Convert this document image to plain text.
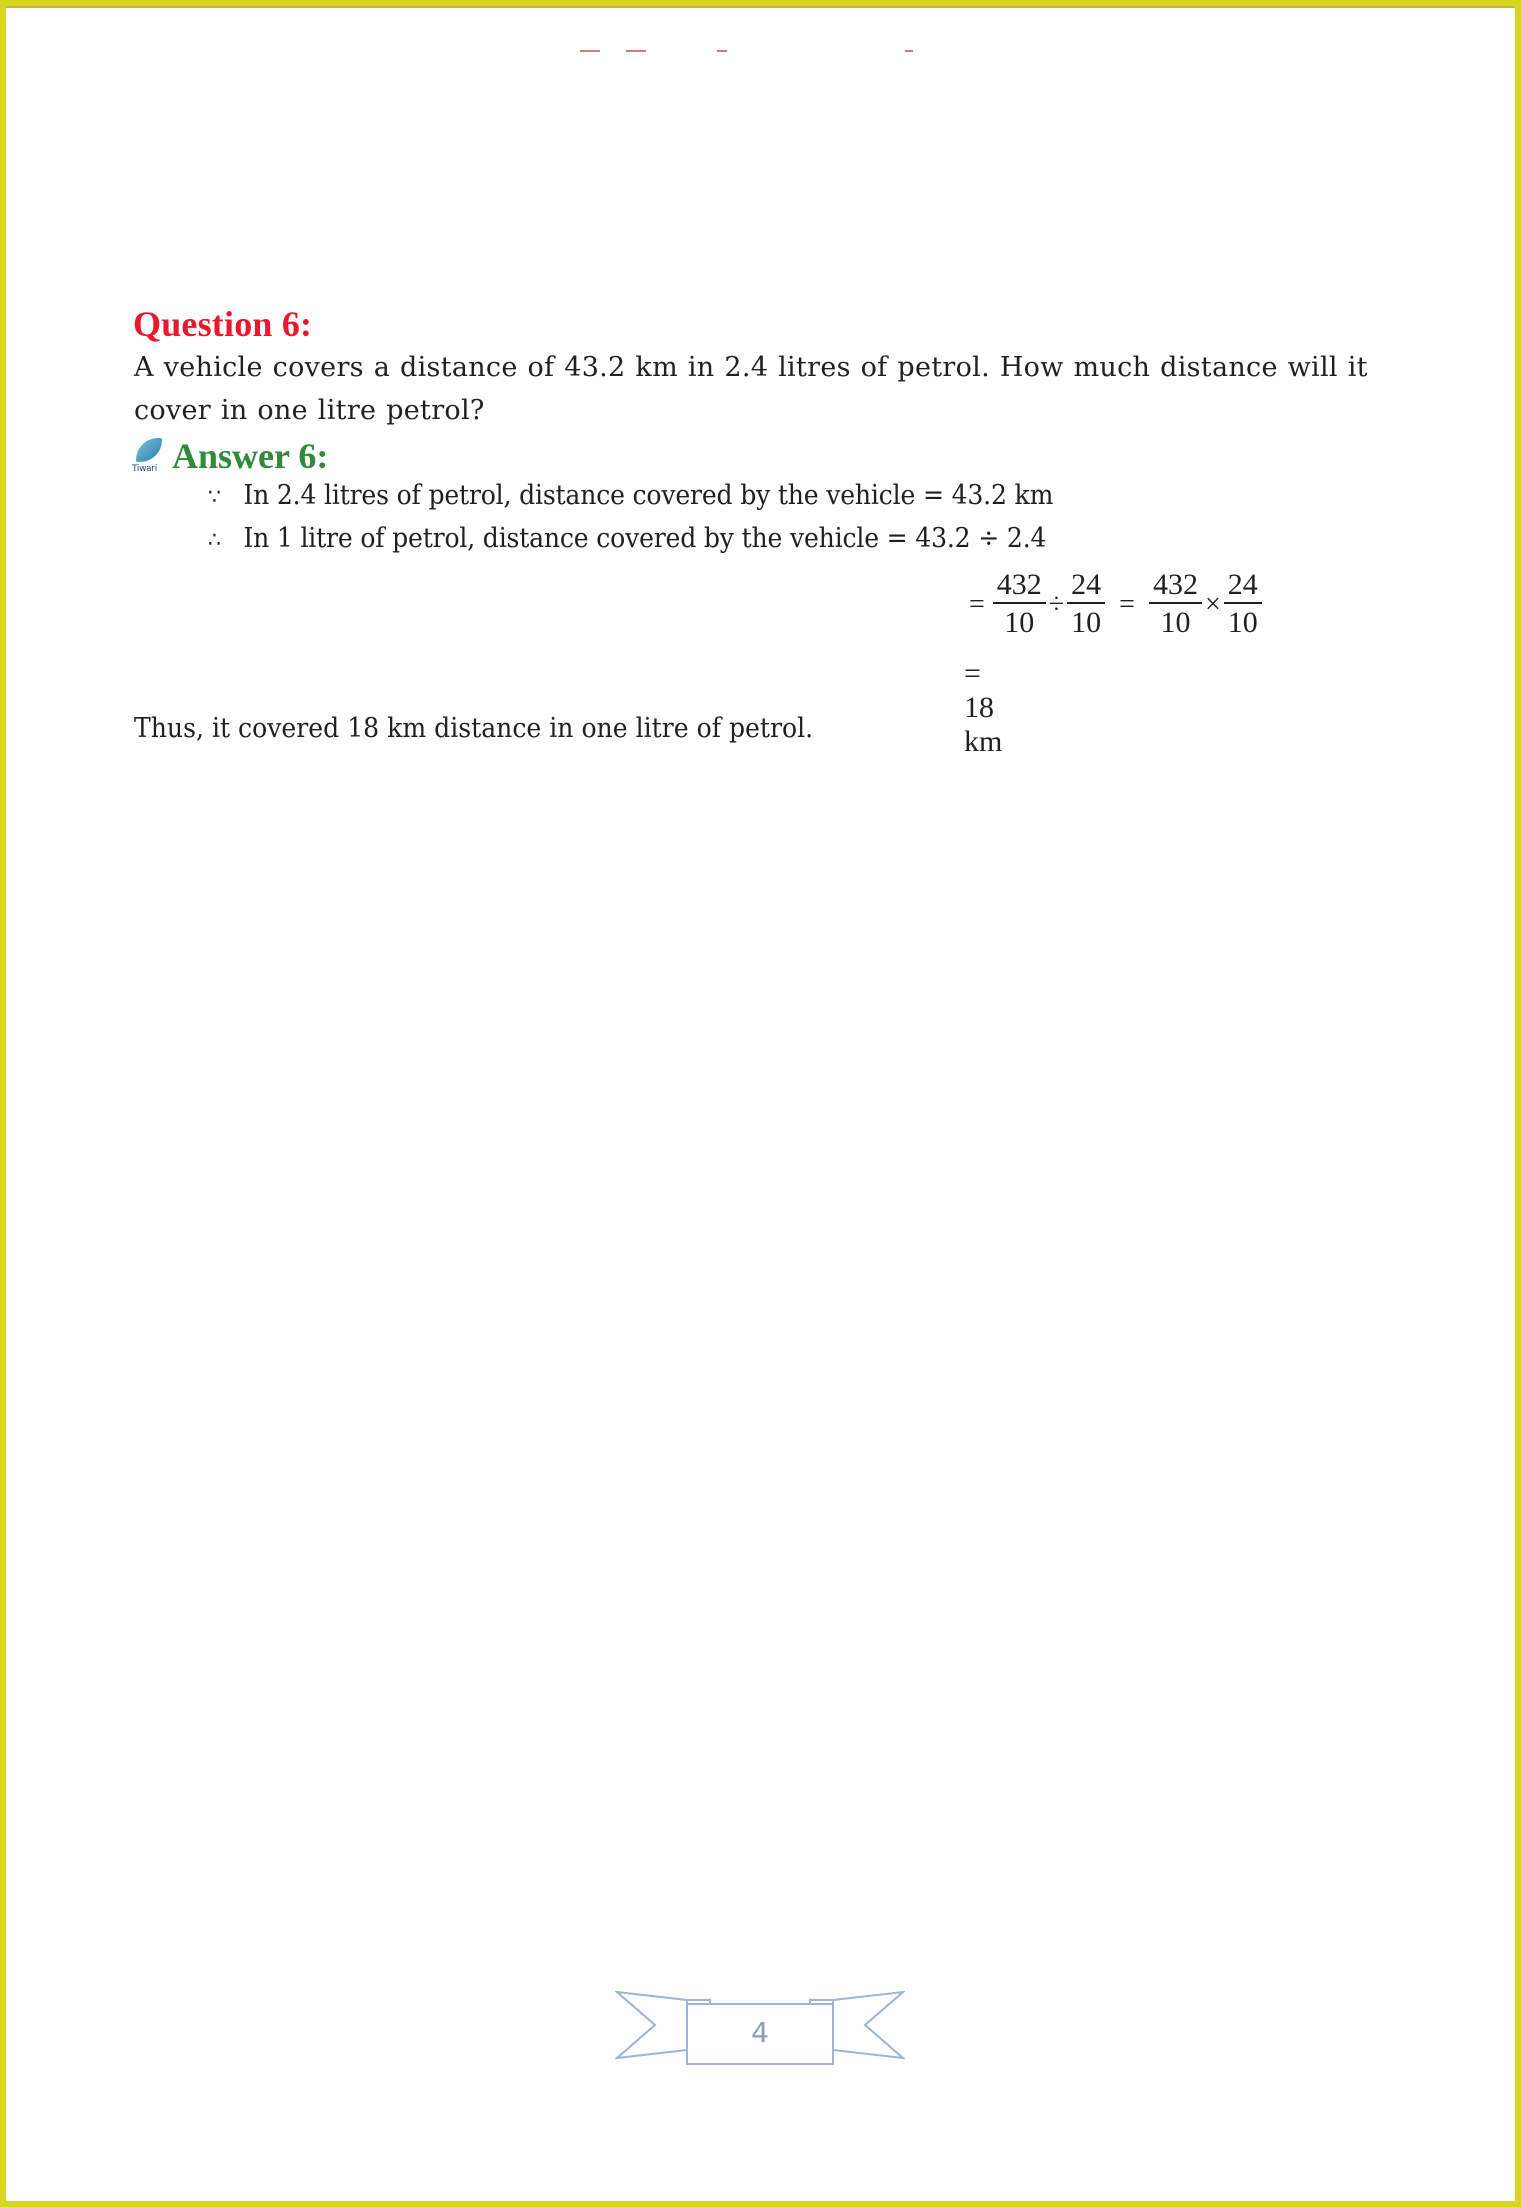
Question 6:
A vehicle covers a distance of 43.2 km in 2.4 litres of petrol. How much distance will it cover in one litre petrol?
Tiwari Answer 6:
∵ In 2.4 litres of petrol, distance covered by the vehicle = 43.2 km
∴ In 1 litre of petrol, distance covered by the vehicle = 43.2 ÷ 2.4
= $\frac{432}{10} \div \frac{24}{10} = \frac{432}{10} \times \frac{24}{10}$
= 18 km
Thus, it covered 18 km distance in one litre of petrol.
4
